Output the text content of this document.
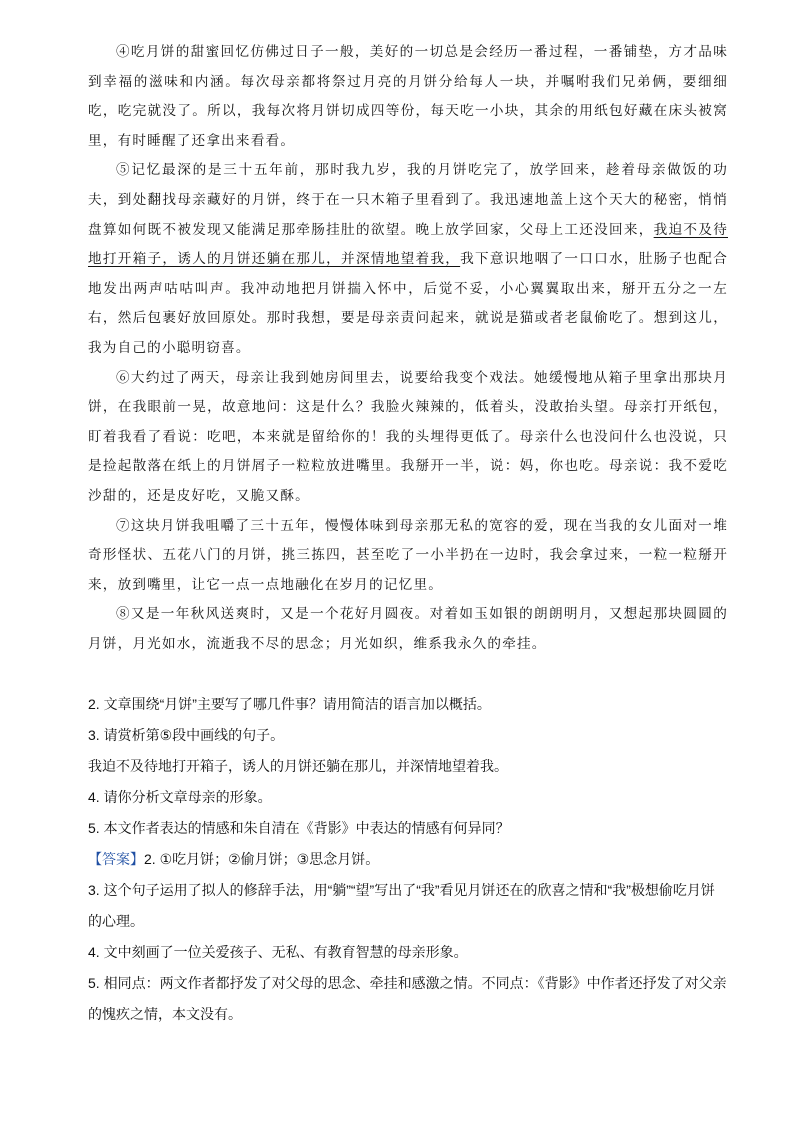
④吃月饼的甜蜜回忆仿佛过日子一般，美好的一切总是会经历一番过程，一番铺垫，方才品味到幸福的滋味和内涵。每次母亲都将祭过月亮的月饼分给每人一块，并嘱咐我们兄弟俩，要细细吃，吃完就没了。所以，我每次将月饼切成四等份，每天吃一小块，其余的用纸包好藏在床头被窝里，有时睡醒了还拿出来看看。

⑤记忆最深的是三十五年前，那时我九岁，我的月饼吃完了，放学回来，趁着母亲做饭的功夫，到处翻找母亲藏好的月饼，终于在一只木箱子里看到了。我迅速地盖上这个天大的秘密，悄悄盘算如何既不被发现又能满足那牵肠挂肚的欲望。晚上放学回家，父母上工还没回来，我迫不及待地打开箱子，诱人的月饼还躺在那儿，并深情地望着我，我下意识地咽了一口口水，肚肠子也配合地发出两声咕咕叫声。我冲动地把月饼揣入怀中，后觉不妥，小心翼翼取出来，掰开五分之一左右，然后包裹好放回原处。那时我想，要是母亲责问起来，就说是猫或者老鼠偷吃了。想到这儿，我为自己的小聪明窃喜。

⑥大约过了两天，母亲让我到她房间里去，说要给我变个戏法。她缓慢地从箱子里拿出那块月饼，在我眼前一晃，故意地问：这是什么？我脸火辣辣的，低着头，没敢抬头望。母亲打开纸包，盯着我看了看说：吃吧，本来就是留给你的！我的头埋得更低了。母亲什么也没问什么也没说，只是捡起散落在纸上的月饼屑子一粒粒放进嘴里。我掰开一半，说：妈，你也吃。母亲说：我不爱吃沙甜的，还是皮好吃，又脆又酥。

⑦这块月饼我咀嚼了三十五年，慢慢体味到母亲那无私的宽容的爱，现在当我的女儿面对一堆奇形怪状、五花八门的月饼，挑三拣四，甚至吃了一小半扔在一边时，我会拿过来，一粒一粒掰开来，放到嘴里，让它一点一点地融化在岁月的记忆里。

⑧又是一年秋风送爽时，又是一个花好月圆夜。对着如玉如银的朗朗明月，又想起那块圆圆的月饼，月光如水，流逝我不尽的思念；月光如织，维系我永久的牵挂。

2. 文章围绕“月饼”主要写了哪几件事？请用简洁的语言加以概括。

3. 请赏析第⑤段中画线的句子。

我迫不及待地打开箱子，诱人的月饼还躺在那儿，并深情地望着我。

4. 请你分析文章母亲的形象。

5. 本文作者表达的情感和朱自清在《背影》中表达的情感有何异同？

【答案】2. ①吃月饼；②偷月饼；③思念月饼。

3. 这个句子运用了拟人的修辞手法，用“躺”“望”写出了“我”看见月饼还在的欣喜之情和“我”极想偷吃月饼的心理。

4. 文中刻画了一位关爱孩子、无私、有教育智慧的母亲形象。

5. 相同点：两文作者都抒发了对父母的思念、牵挂和感激之情。不同点：《背影》中作者还抒发了对父亲的愧疚之情，本文没有。
